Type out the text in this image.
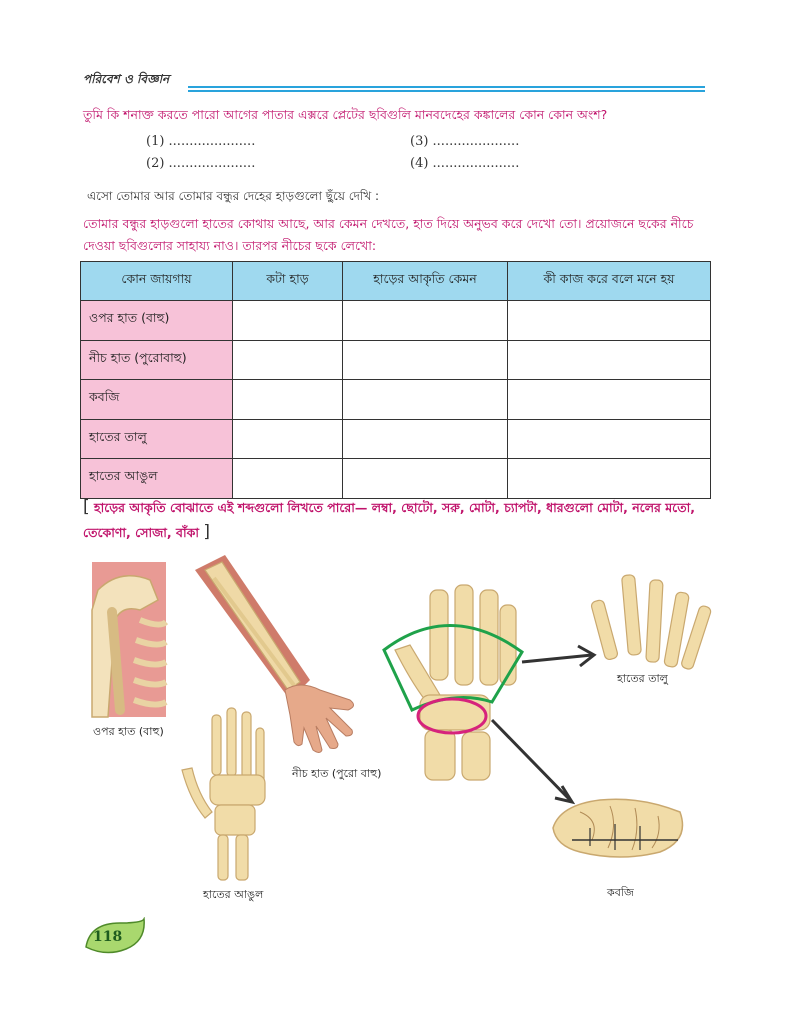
পরিবেশ ও বিজ্ঞান
তুমি কি শনাক্ত করতে পারো আগের পাতার এক্সরে প্লেটের ছবিগুলি মানবদেহের কঙ্কালের কোন কোন অংশ?
(1) .....................	(3) .....................
(2) .....................	(4) .....................
এসো তোমার আর তোমার বন্ধুর দেহের হাড়গুলো ছুঁয়ে দেখি :
তোমার বন্ধুর হাড়গুলো হাতের কোথায় আছে, আর কেমন দেখতে, হাত দিয়ে অনুভব করে দেখো তো। প্রয়োজনে ছকের নীচে দেওয়া ছবিগুলোর সাহায্য নাও। তারপর নীচের ছকে লেখো:
কোন জায়গায়	কটা হাড়	হাড়ের আকৃতি কেমন	কী কাজ করে বলে মনে হয়
ওপর হাত (বাহু)			
নীচ হাত (পুরোবাহু)			
কবজি			
হাতের তালু			
হাতের আঙুল			
[ হাড়ের আকৃতি বোঝাতে এই শব্দগুলো লিখতে পারো— লম্বা, ছোটো, সরু, মোটা, চ্যাপটা, ধারগুলো মোটা, নলের মতো, তেকোণা, সোজা, বাঁকা ]
ওপর হাত (বাহু)
নীচ হাত (পুরো বাহু)
হাতের আঙুল
হাতের তালু
কবজি
118
